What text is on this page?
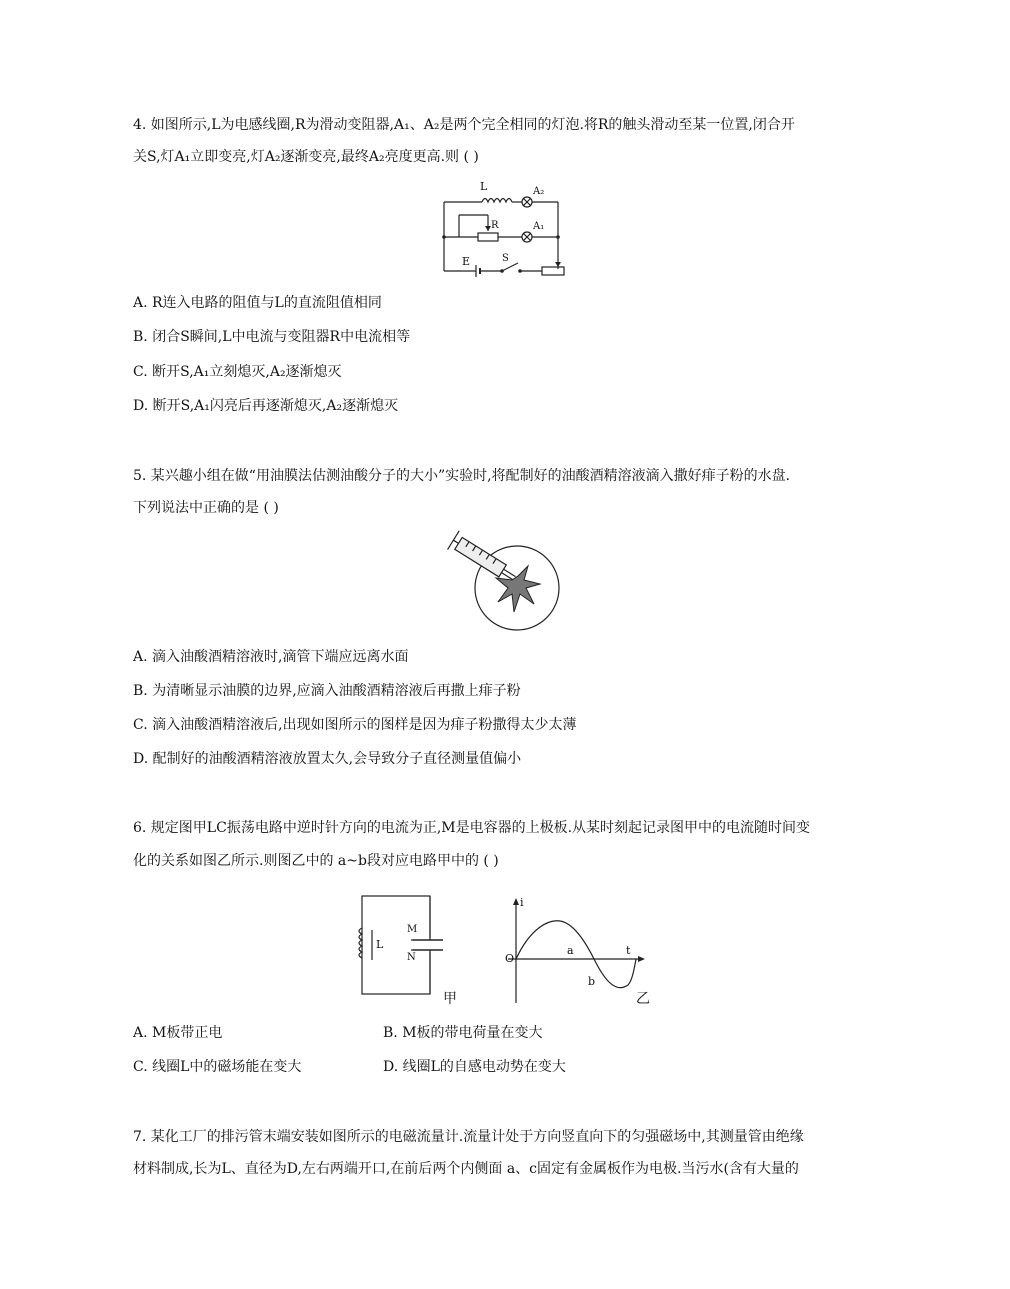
4. 如图所示,L为电感线圈,R为滑动变阻器,A₁、A₂是两个完全相同的灯泡.将R的触头滑动至某一位置,闭合开
关S,灯A₁立即变亮,灯A₂逐渐变亮,最终A₂亮度更高.则 ( )
L	A₂
R	A₁
E	S
A. R连入电路的阻值与L的直流阻值相同
B. 闭合S瞬间,L中电流与变阻器R中电流相等
C. 断开S,A₁立刻熄灭,A₂逐渐熄灭
D. 断开S,A₁闪亮后再逐渐熄灭,A₂逐渐熄灭
5. 某兴趣小组在做“用油膜法估测油酸分子的大小”实验时,将配制好的油酸酒精溶液滴入撒好痱子粉的水盘.
下列说法中正确的是 ( )
A. 滴入油酸酒精溶液时,滴管下端应远离水面
B. 为清晰显示油膜的边界,应滴入油酸酒精溶液后再撒上痱子粉
C. 滴入油酸酒精溶液后,出现如图所示的图样是因为痱子粉撒得太少太薄
D. 配制好的油酸酒精溶液放置太久,会导致分子直径测量值偏小
6. 规定图甲LC振荡电路中逆时针方向的电流为正,M是电容器的上极板.从某时刻起记录图甲中的电流随时间变
化的关系如图乙所示.则图乙中的 a~b段对应电路甲中的 ( )
L
M
N
甲
i
t
O
a
b
乙
A. M板带正电	B. M板的带电荷量在变大
C. 线圈L中的磁场能在变大	D. 线圈L的自感电动势在变大
7. 某化工厂的排污管末端安装如图所示的电磁流量计.流量计处于方向竖直向下的匀强磁场中,其测量管由绝缘
材料制成,长为L、直径为D,左右两端开口,在前后两个内侧面 a、c固定有金属板作为电极.当污水(含有大量的
